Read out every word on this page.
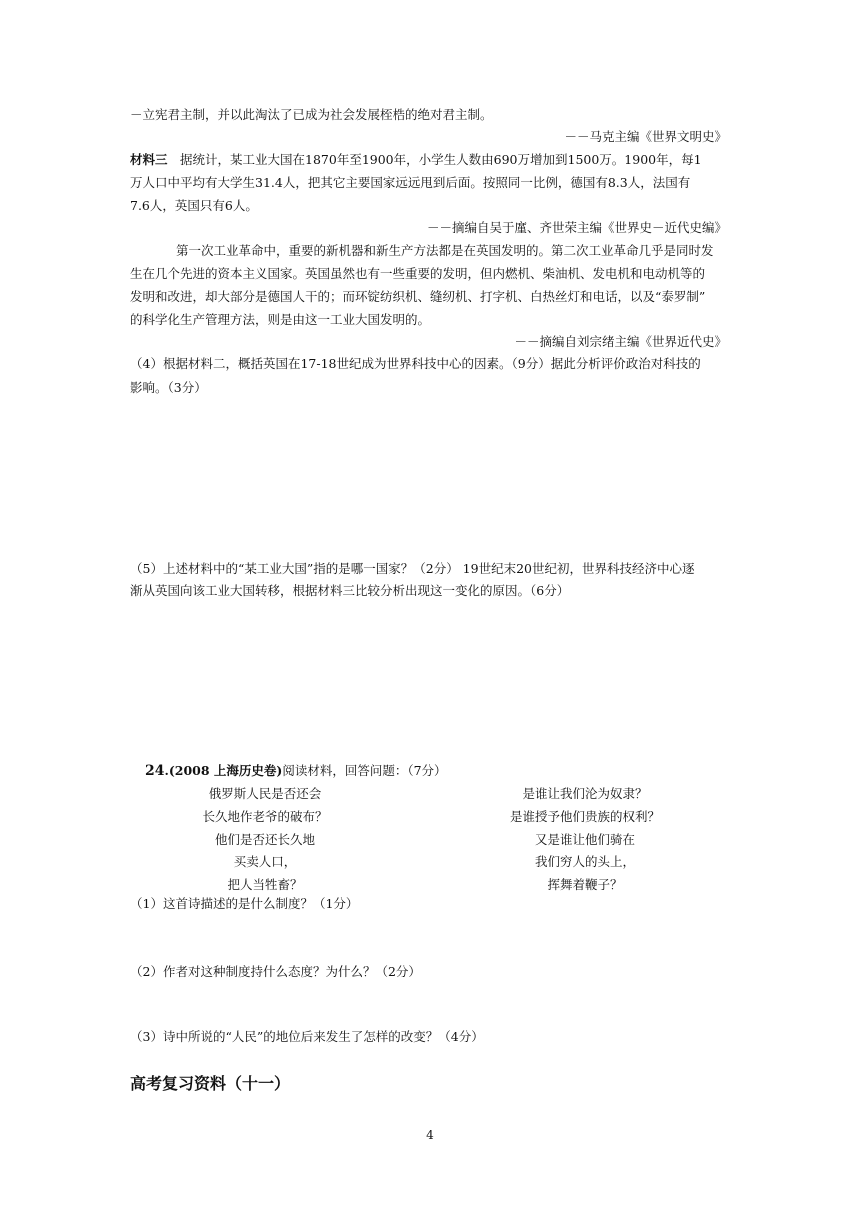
－立宪君主制，并以此淘汰了已成为社会发展桎梏的绝对君主制。
－－马克主编《世界文明史》
材料三　据统计，某工业大国在1870年至1900年，小学生人数由690万增加到1500万。1900年，每1
万人口中平均有大学生31.4人，把其它主要国家远远甩到后面。按照同一比例，德国有8.3人，法国有
7.6人，英国只有6人。
－－摘编自吴于廑、齐世荣主编《世界史－近代史编》
第一次工业革命中，重要的新机器和新生产方法都是在英国发明的。第二次工业革命几乎是同时发
生在几个先进的资本主义国家。英国虽然也有一些重要的发明，但内燃机、柴油机、发电机和电动机等的
发明和改进，却大部分是德国人干的；而环锭纺织机、缝纫机、打字机、白热丝灯和电话，以及“泰罗制”
的科学化生产管理方法，则是由这一工业大国发明的。
－－摘编自刘宗绪主编《世界近代史》
（4）根据材料二，概括英国在17-18世纪成为世界科技中心的因素。（9分）据此分析评价政治对科技的
影响。（3分）
（5）上述材料中的“某工业大国”指的是哪一国家？（2分） 19世纪末20世纪初，世界科技经济中心逐
渐从英国向该工业大国转移，根据材料三比较分析出现这一变化的原因。（6分）
24.(2008 上海历史卷)阅读材料，回答问题：（7分）
俄罗斯人民是否还会
长久地作老爷的破布？
他们是否还长久地
买卖人口，
把人当牲畜？
是谁让我们沦为奴隶？
是谁授予他们贵族的权利？
又是谁让他们骑在
我们穷人的头上，
挥舞着鞭子？
（1）这首诗描述的是什么制度？（1分）
（2）作者对这种制度持什么态度？为什么？（2分）
（3）诗中所说的“人民”的地位后来发生了怎样的改变？（4分）
高考复习资料（十一）
4
